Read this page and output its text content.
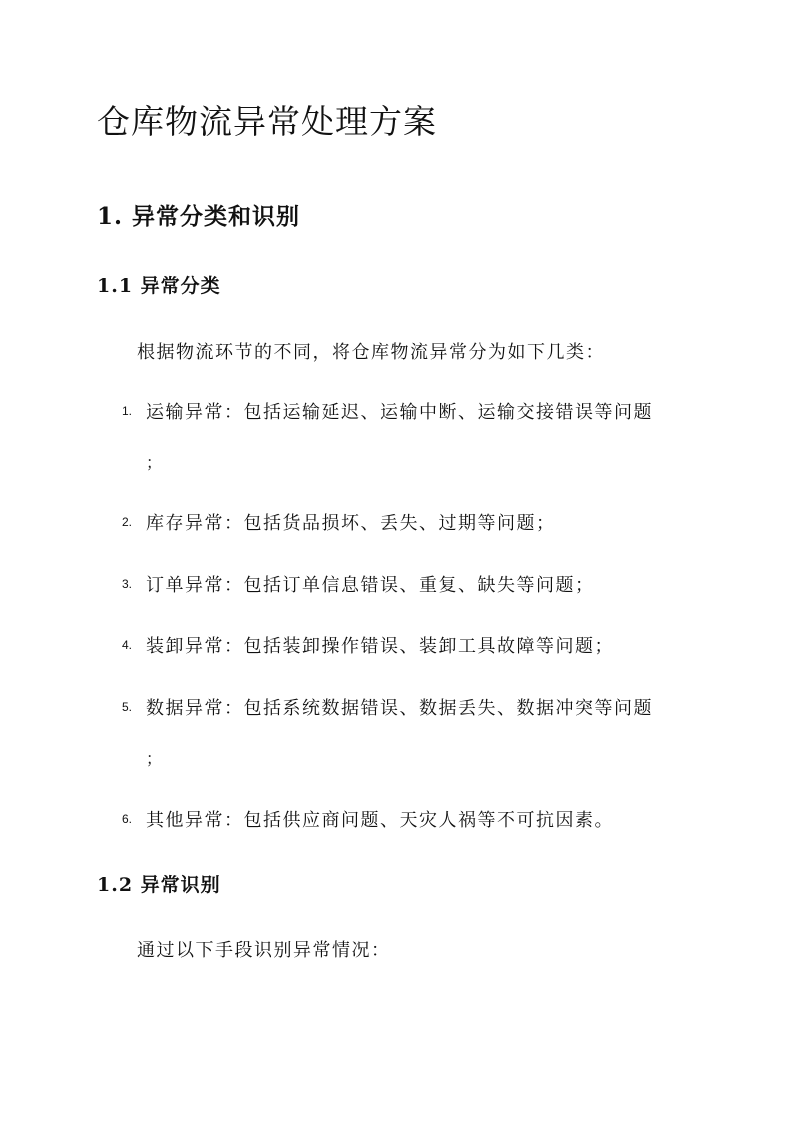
仓库物流异常处理方案
1. 异常分类和识别
1.1 异常分类
根据物流环节的不同，将仓库物流异常分为如下几类：
1. 运输异常：包括运输延迟、运输中断、运输交接错误等问题
；
2. 库存异常：包括货品损坏、丢失、过期等问题；
3. 订单异常：包括订单信息错误、重复、缺失等问题；
4. 装卸异常：包括装卸操作错误、装卸工具故障等问题；
5. 数据异常：包括系统数据错误、数据丢失、数据冲突等问题
；
6. 其他异常：包括供应商问题、天灾人祸等不可抗因素。
1.2 异常识别
通过以下手段识别异常情况：
